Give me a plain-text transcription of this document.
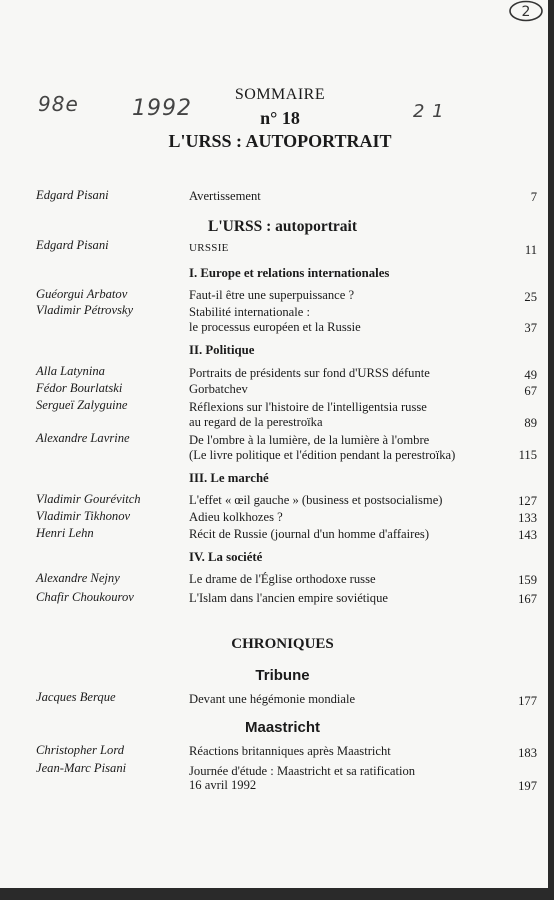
2
98e 1992	2 1
SOMMAIRE
n° 18
L'URSS : AUTOPORTRAIT
Edgard Pisani	Avertissement	7
L'URSS : autoportrait
Edgard Pisani	URSSIE	11
I. Europe et relations internationales
Guéorgui Arbatov	Faut-il être une superpuissance ?	25
Vladimir Pétrovsky	Stabilité internationale :
le processus européen et la Russie	37
II. Politique
Alla Latynina	Portraits de présidents sur fond d'URSS défunte	49
Fédor Bourlatski	Gorbatchev	67
Sergueï Zalyguine	Réflexions sur l'histoire de l'intelligentsia russe
au regard de la perestroïka	89
Alexandre Lavrine	De l'ombre à la lumière, de la lumière à l'ombre
(Le livre politique et l'édition pendant la perestroïka)	115
III. Le marché
Vladimir Gourévitch	L'effet « œil gauche » (business et postsocialisme)	127
Vladimir Tikhonov	Adieu kolkhozes ?	133
Henri Lehn	Récit de Russie (journal d'un homme d'affaires)	143
IV. La société
Alexandre Nejny	Le drame de l'Église orthodoxe russe	159
Chafir Choukourov	L'Islam dans l'ancien empire soviétique	167
CHRONIQUES
Tribune
Jacques Berque	Devant une hégémonie mondiale	177
Maastricht
Christopher Lord	Réactions britanniques après Maastricht	183
Jean-Marc Pisani	Journée d'étude : Maastricht et sa ratification
16 avril 1992	197
